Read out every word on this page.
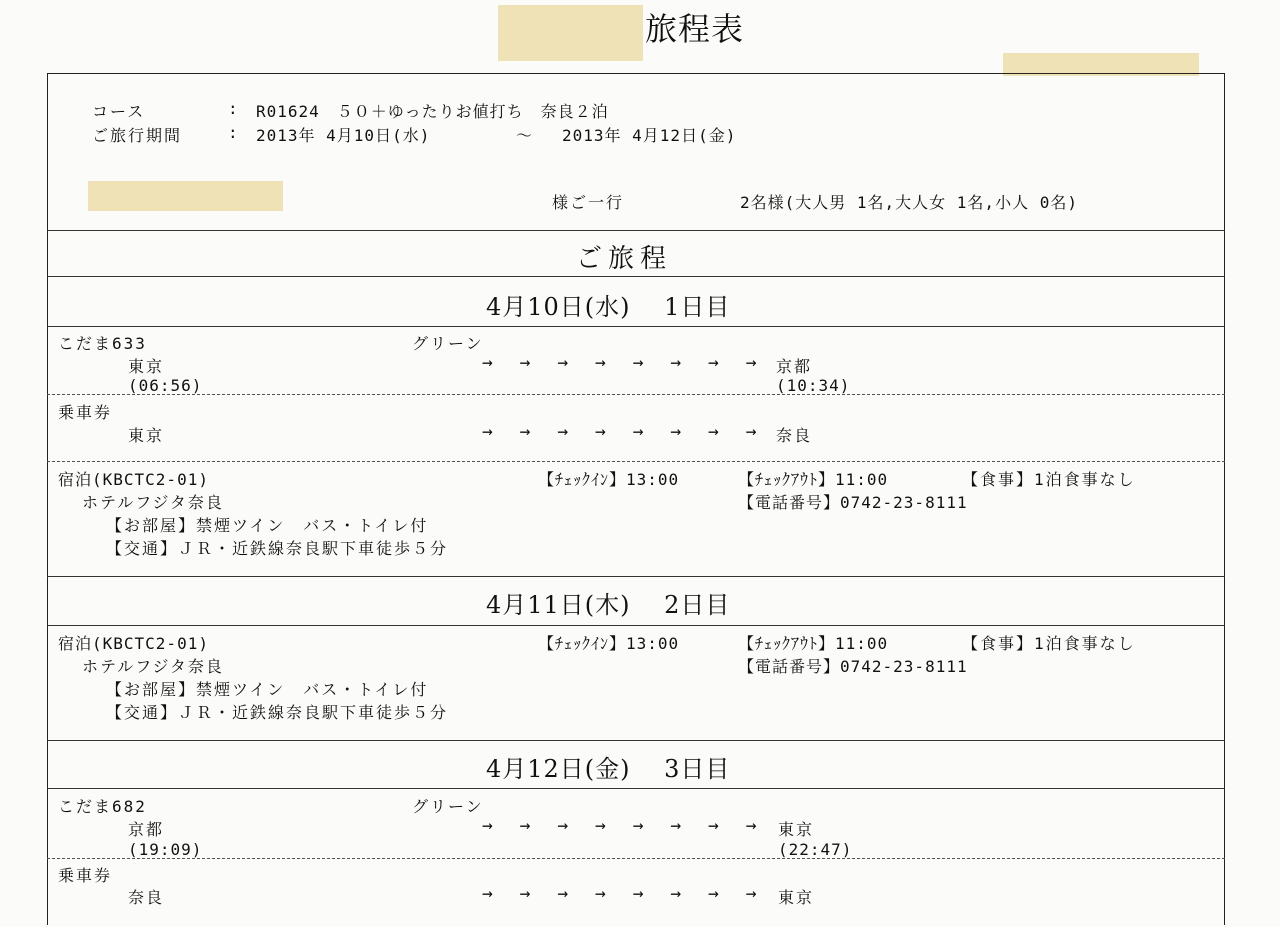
旅程表
コース	: R01624　５０＋ゆったりお値打ち　奈良２泊
ご旅行期間	: 2013年 4月10日(水)	～ 2013年 4月12日(金)
様ご一行	2名様(大人男 1名,大人女 1名,小人 0名)
ご旅程
4月10日(水)　 1日目
こだま633	グリーン
東京	→ → → → → → → → 京都
(06:56)	(10:34)
乗車券
東京	→ → → → → → → → 奈良
宿泊(KBCTC2-01)	【ﾁｪｯｸｲﾝ】13:00	【ﾁｪｯｸｱｳﾄ】11:00	【食事】1泊食事なし
ホテルフジタ奈良	【電話番号】0742-23-8111
【お部屋】禁煙ツイン　バス・トイレ付
【交通】ＪＲ・近鉄線奈良駅下車徒歩５分
4月11日(木)　 2日目
宿泊(KBCTC2-01)	【ﾁｪｯｸｲﾝ】13:00	【ﾁｪｯｸｱｳﾄ】11:00	【食事】1泊食事なし
ホテルフジタ奈良	【電話番号】0742-23-8111
【お部屋】禁煙ツイン　バス・トイレ付
【交通】ＪＲ・近鉄線奈良駅下車徒歩５分
4月12日(金)　 3日目
こだま682	グリーン
京都	→ → → → → → → → 東京
(19:09)	(22:47)
乗車券
奈良	→ → → → → → → → 東京
